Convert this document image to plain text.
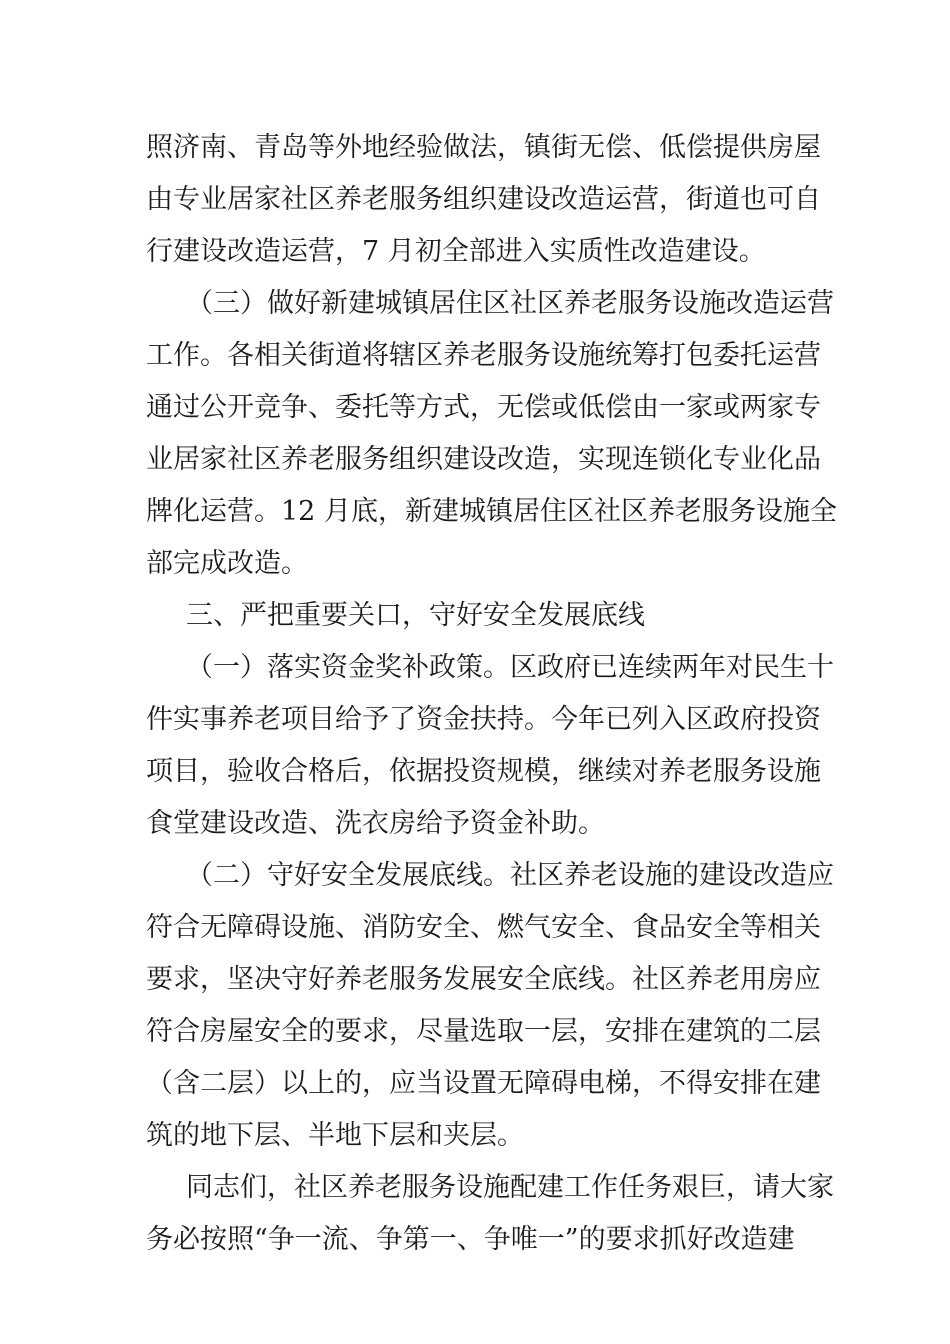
照济南、青岛等外地经验做法，镇街无偿、低偿提供房屋
由专业居家社区养老服务组织建设改造运营，街道也可自
行建设改造运营，7 月初全部进入实质性改造建设。
（三）做好新建城镇居住区社区养老服务设施改造运营
工作。各相关街道将辖区养老服务设施统筹打包委托运营
通过公开竞争、委托等方式，无偿或低偿由一家或两家专
业居家社区养老服务组织建设改造，实现连锁化专业化品
牌化运营。12 月底，新建城镇居住区社区养老服务设施全
部完成改造。
三、严把重要关口，守好安全发展底线
（一）落实资金奖补政策。区政府已连续两年对民生十
件实事养老项目给予了资金扶持。今年已列入区政府投资
项目，验收合格后，依据投资规模，继续对养老服务设施
食堂建设改造、洗衣房给予资金补助。
（二）守好安全发展底线。社区养老设施的建设改造应
符合无障碍设施、消防安全、燃气安全、食品安全等相关
要求，坚决守好养老服务发展安全底线。社区养老用房应
符合房屋安全的要求，尽量选取一层，安排在建筑的二层
（含二层）以上的，应当设置无障碍电梯，不得安排在建
筑的地下层、半地下层和夹层。
同志们，社区养老服务设施配建工作任务艰巨，请大家
务必按照“争一流、争第一、争唯一”的要求抓好改造建
